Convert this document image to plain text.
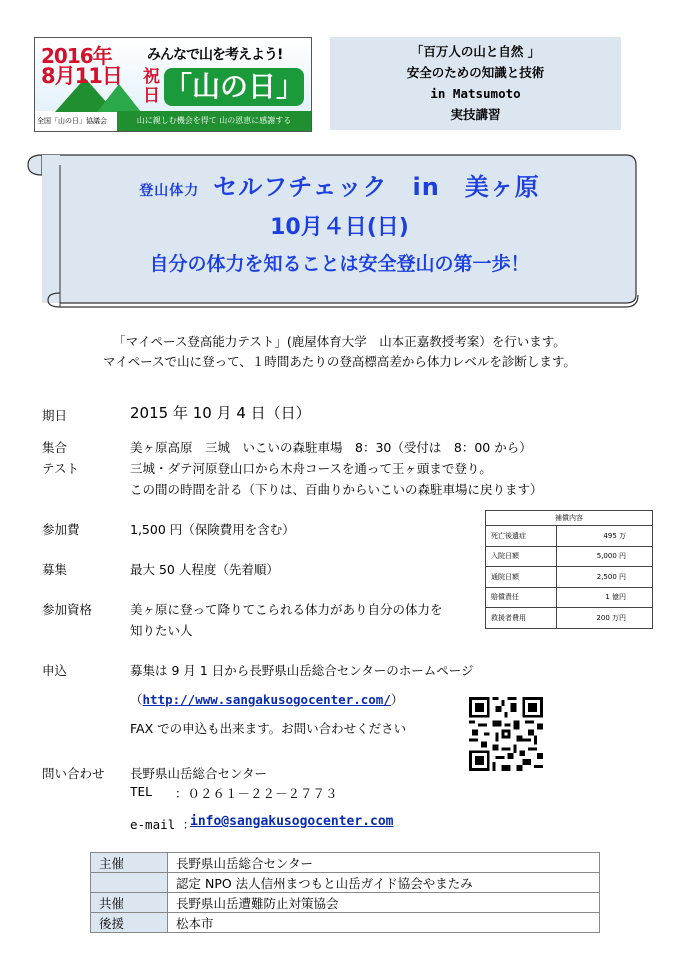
2016年
8月11日
みんなで山を考えよう!
祝日 「山の日」
全国「山の日」協議会	山に親しむ機会を得て 山の恩恵に感謝する
「百万人の山と自然 」
安全のための知識と技術
in Matsumoto
実技講習
登山体力 セルフチェック　in　美ヶ原
10月４日(日)
自分の体力を知ることは安全登山の第一歩！
「マイペース登高能力テスト」(鹿屋体育大学　山本正嘉教授考案）を行います。
マイペースで山に登って、１時間あたりの登高標高差から体力レベルを診断します。
期日	2015 年 10 月 4 日（日）
集合	美ヶ原高原　三城　いこいの森駐車場　8：30（受付は　8：00 から）
テスト	三城・ダテ河原登山口から木舟コースを通って王ヶ頭まで登り。
この間の時間を計る（下りは、百曲りからいこいの森駐車場に戻ります）
参加費	1,500 円（保険費用を含む）
募集	最大 50 人程度（先着順）
参加資格	美ヶ原に登って降りてこられる体力があり自分の体力を
知りたい人
申込	募集は 9 月 1 日から長野県山岳総合センターのホームページ
（http://www.sangakusogocenter.com/）
FAX での申込も出来ます。お問い合わせください
問い合わせ 長野県山岳総合センター
TEL ：０２６１－２２－２７７３
e-mail ：
info@sangakusogocenter.com
補償内容	
死亡後遺症	495 万
入院日額	5,000 円
通院日額	2,500 円
賠償責任	1 億円
救援者費用	200 万円
主催	長野県山岳総合センター
	認定 NPO 法人信州まつもと山岳ガイド協会やまたみ
共催	長野県山岳遭難防止対策協会
後援	松本市
